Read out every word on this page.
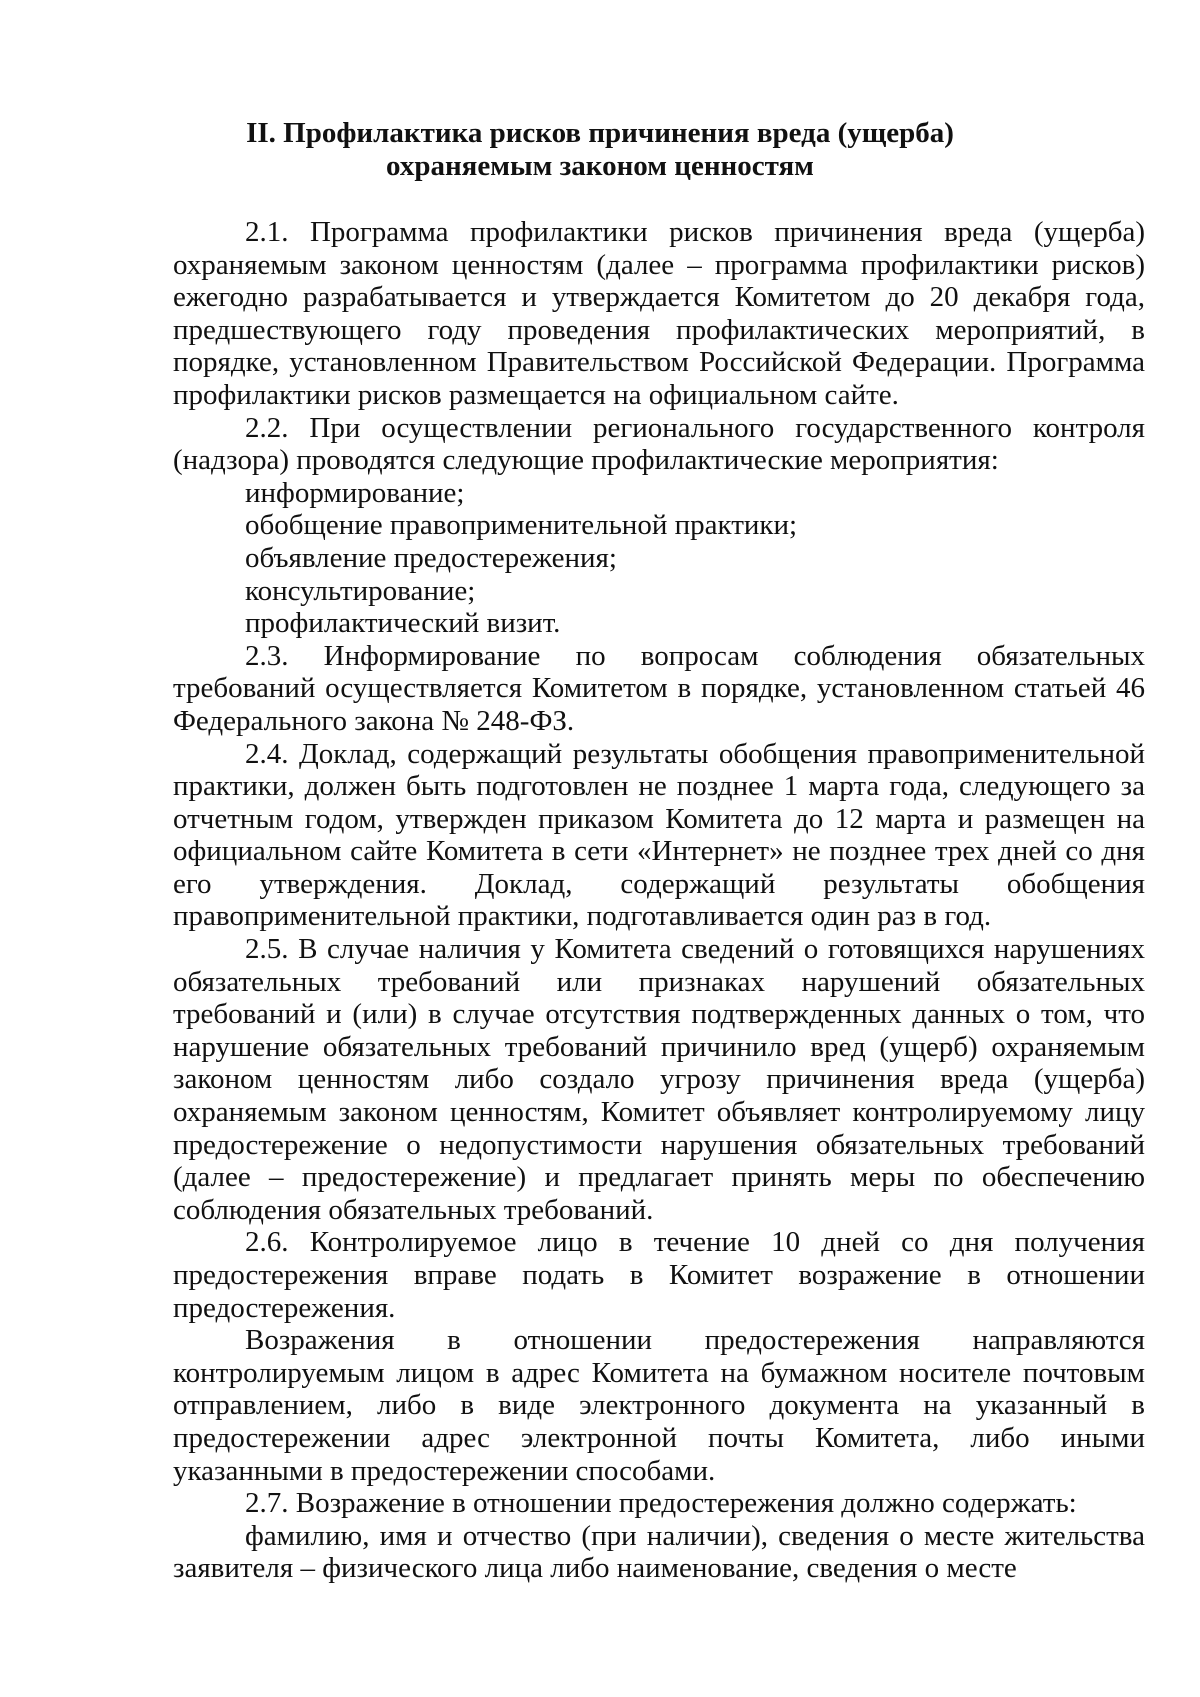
II. Профилактика рисков причинения вреда (ущерба)
охраняемым законом ценностям

2.1. Программа профилактики рисков причинения вреда (ущерба) охраняемым законом ценностям (далее – программа профилактики рисков) ежегодно разрабатывается и утверждается Комитетом до 20 декабря года, предшествующего году проведения профилактических мероприятий, в порядке, установленном Правительством Российской Федерации. Программа профилактики рисков размещается на официальном сайте.

2.2. При осуществлении регионального государственного контроля (надзора) проводятся следующие профилактические мероприятия:

информирование;

обобщение правоприменительной практики;

объявление предостережения;

консультирование;

профилактический визит.

2.3. Информирование по вопросам соблюдения обязательных требований осуществляется Комитетом в порядке, установленном статьей 46 Федерального закона № 248-ФЗ.

2.4. Доклад, содержащий результаты обобщения правоприменительной практики, должен быть подготовлен не позднее 1 марта года, следующего за отчетным годом, утвержден приказом Комитета до 12 марта и размещен на официальном сайте Комитета в сети «Интернет» не позднее трех дней со дня его утверждения. Доклад, содержащий результаты обобщения правоприменительной практики, подготавливается один раз в год.

2.5. В случае наличия у Комитета сведений о готовящихся нарушениях обязательных требований или признаках нарушений обязательных требований и (или) в случае отсутствия подтвержденных данных о том, что нарушение обязательных требований причинило вред (ущерб) охраняемым законом ценностям либо создало угрозу причинения вреда (ущерба) охраняемым законом ценностям, Комитет объявляет контролируемому лицу предостережение о недопустимости нарушения обязательных требований (далее – предостережение) и предлагает принять меры по обеспечению соблюдения обязательных требований.

2.6. Контролируемое лицо в течение 10 дней со дня получения предостережения вправе подать в Комитет возражение в отношении предостережения.

Возражения в отношении предостережения направляются контролируемым лицом в адрес Комитета на бумажном носителе почтовым отправлением, либо в виде электронного документа на указанный в предостережении адрес электронной почты Комитета, либо иными указанными в предостережении способами.

2.7. Возражение в отношении предостережения должно содержать:

фамилию, имя и отчество (при наличии), сведения о месте жительства заявителя – физического лица либо наименование, сведения о месте
